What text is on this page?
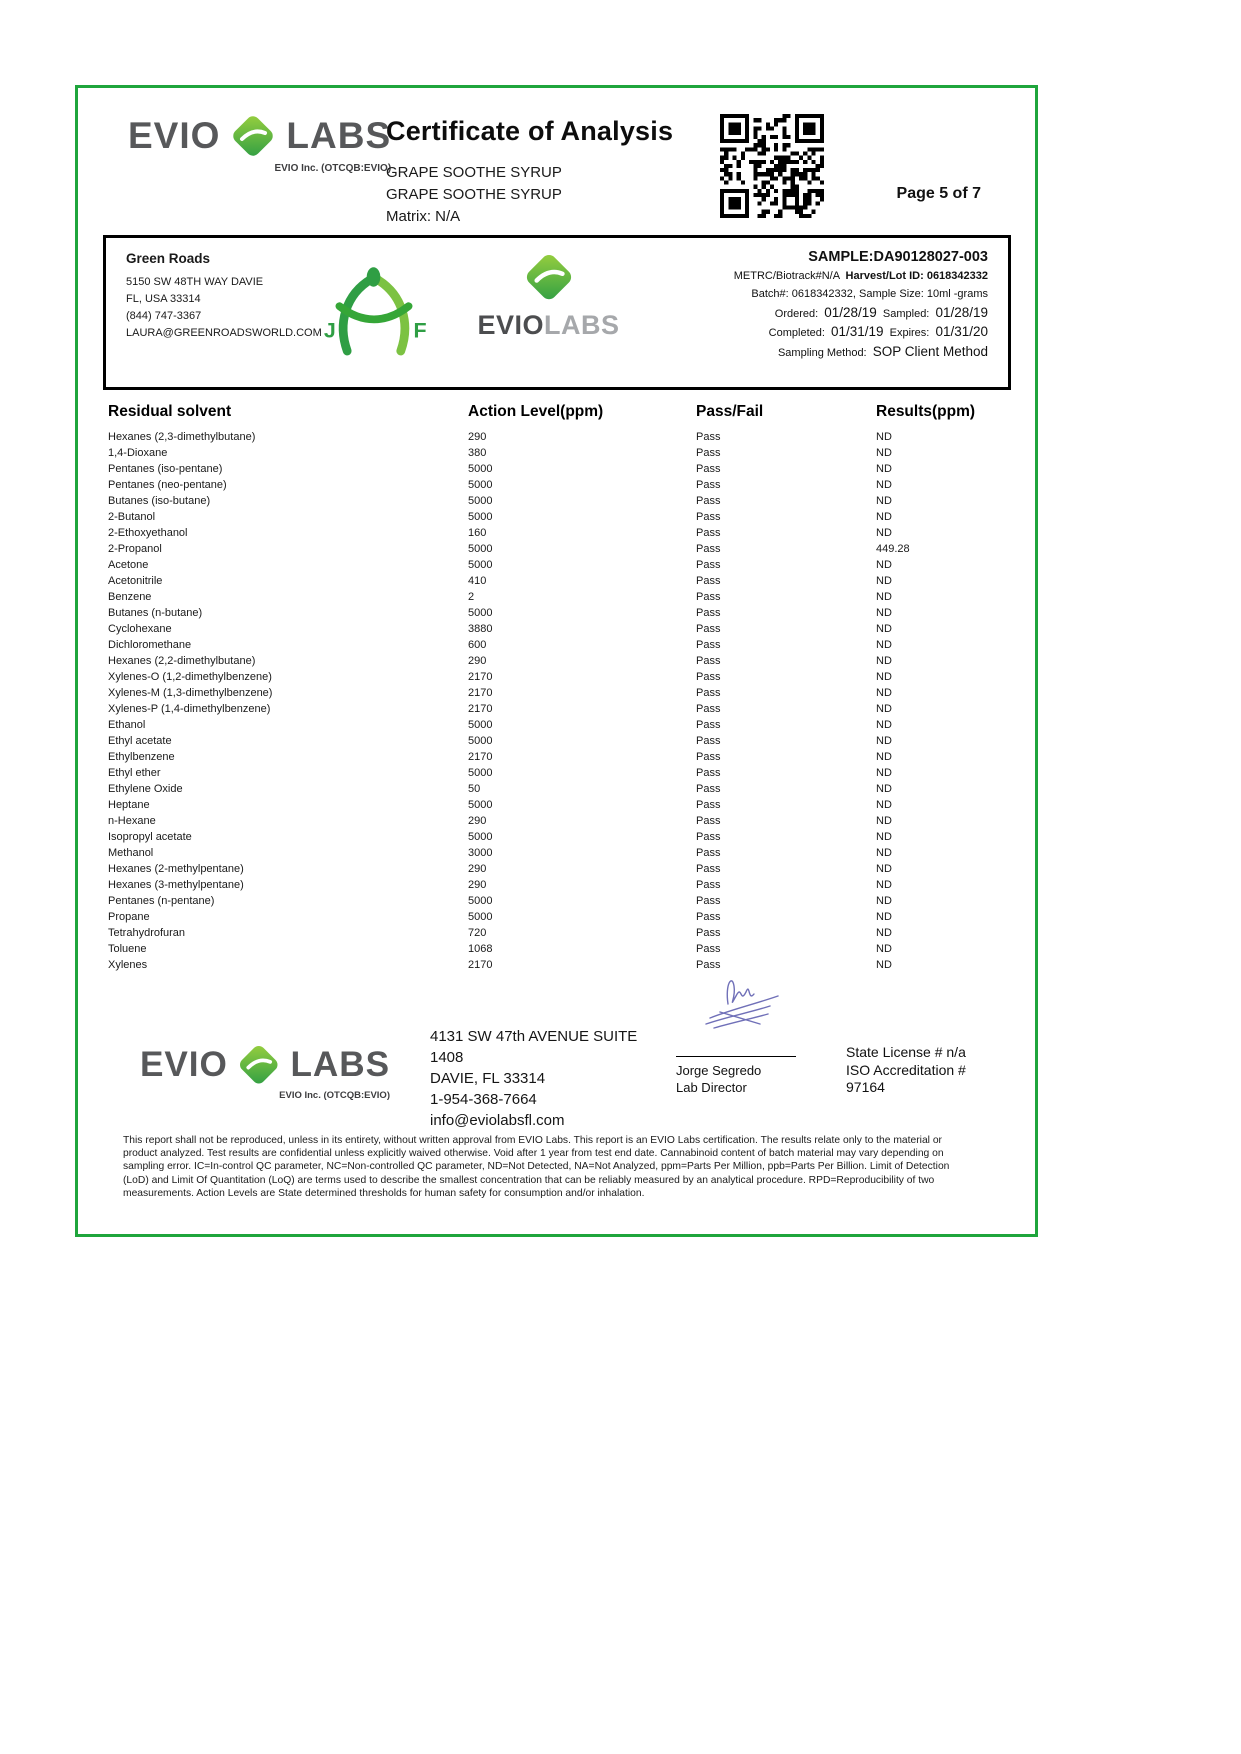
EVIO LABS
EVIO Inc. (OTCQB:EVIO)
Certificate of Analysis
GRAPE SOOTHE SYRUP
GRAPE SOOTHE SYRUP
Matrix: N/A
Page 5 of 7
Green Roads
5150 SW 48TH WAY DAVIE
FL, USA 33314
(844) 747-3367
LAURA@GREENROADSWORLD.COM J	F	EVIOLABS
SAMPLE:DA90128027-003
METRC/Biotrack#N/A Harvest/Lot ID: 0618342332
Batch#: 0618342332, Sample Size: 10ml -grams
Ordered: 01/28/19 Sampled: 01/28/19
Completed: 01/31/19 Expires: 01/31/20
Sampling Method: SOP Client Method
Residual solvent	Action Level(ppm)	Pass/Fail	Results(ppm)
Hexanes (2,3-dimethylbutane)	290	Pass	ND
1,4-Dioxane	380	Pass	ND
Pentanes (iso-pentane)	5000	Pass	ND
Pentanes (neo-pentane)	5000	Pass	ND
Butanes (iso-butane)	5000	Pass	ND
2-Butanol	5000	Pass	ND
2-Ethoxyethanol	160	Pass	ND
2-Propanol	5000	Pass	449.28
Acetone	5000	Pass	ND
Acetonitrile	410	Pass	ND
Benzene	2	Pass	ND
Butanes (n-butane)	5000	Pass	ND
Cyclohexane	3880	Pass	ND
Dichloromethane	600	Pass	ND
Hexanes (2,2-dimethylbutane)	290	Pass	ND
Xylenes-O (1,2-dimethylbenzene)	2170	Pass	ND
Xylenes-M (1,3-dimethylbenzene)	2170	Pass	ND
Xylenes-P (1,4-dimethylbenzene)	2170	Pass	ND
Ethanol	5000	Pass	ND
Ethyl acetate	5000	Pass	ND
Ethylbenzene	2170	Pass	ND
Ethyl ether	5000	Pass	ND
Ethylene Oxide	50	Pass	ND
Heptane	5000	Pass	ND
n-Hexane	290	Pass	ND
Isopropyl acetate	5000	Pass	ND
Methanol	3000	Pass	ND
Hexanes (2-methylpentane)	290	Pass	ND
Hexanes (3-methylpentane)	290	Pass	ND
Pentanes (n-pentane)	5000	Pass	ND
Propane	5000	Pass	ND
Tetrahydrofuran	720	Pass	ND
Toluene	1068	Pass	ND
Xylenes	2170	Pass	ND
EVIO LABS
EVIO Inc. (OTCQB:EVIO)
4131 SW 47th AVENUE SUITE
1408
DAVIE, FL 33314
1-954-368-7664
info@eviolabsfl.com
Jorge Segredo
Lab Director
State License # n/a
ISO Accreditation #
97164
This report shall not be reproduced, unless in its entirety, without written approval from EVIO Labs. This report is an EVIO Labs certification. The results relate only to the material or product analyzed. Test results are confidential unless explicitly waived otherwise. Void after 1 year from test end date. Cannabinoid content of batch material may vary depending on sampling error. IC=In-control QC parameter, NC=Non-controlled QC parameter, ND=Not Detected, NA=Not Analyzed, ppm=Parts Per Million, ppb=Parts Per Billion. Limit of Detection (LoD) and Limit Of Quantitation (LoQ) are terms used to describe the smallest concentration that can be reliably measured by an analytical procedure. RPD=Reproducibility of two measurements. Action Levels are State determined thresholds for human safety for consumption and/or inhalation.
